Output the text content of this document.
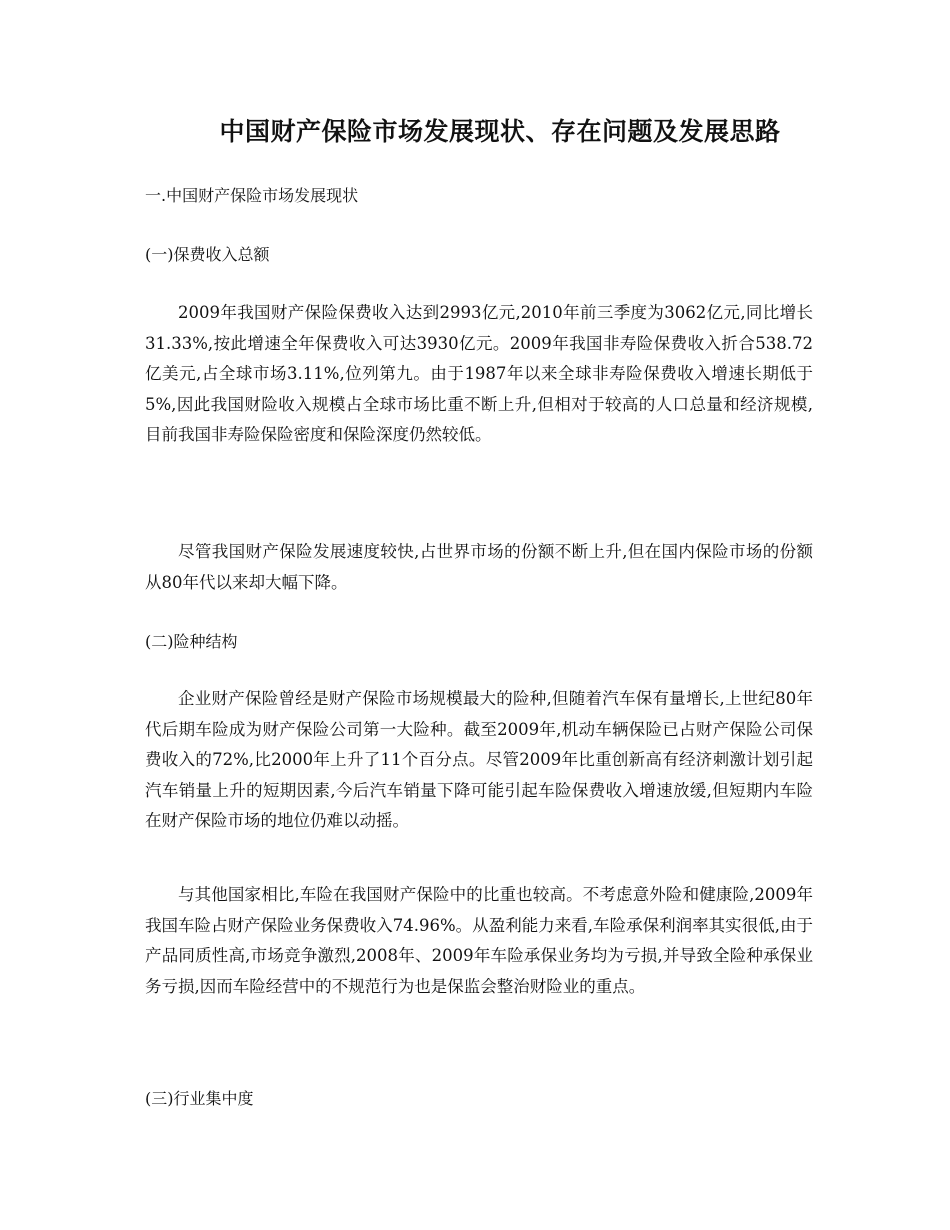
中国财产保险市场发展现状、存在问题及发展思路

一.中国财产保险市场发展现状

(一)保费收入总额

2009年我国财产保险保费收入达到2993亿元,2010年前三季度为3062亿元,同比增长31.33%,按此增速全年保费收入可达3930亿元。2009年我国非寿险保费收入折合538.72亿美元,占全球市场3.11%,位列第九。由于1987年以来全球非寿险保费收入增速长期低于5%,因此我国财险收入规模占全球市场比重不断上升,但相对于较高的人口总量和经济规模,目前我国非寿险保险密度和保险深度仍然较低。

尽管我国财产保险发展速度较快,占世界市场的份额不断上升,但在国内保险市场的份额从80年代以来却大幅下降。

(二)险种结构

企业财产保险曾经是财产保险市场规模最大的险种,但随着汽车保有量增长,上世纪80年代后期车险成为财产保险公司第一大险种。截至2009年,机动车辆保险已占财产保险公司保费收入的72%,比2000年上升了11个百分点。尽管2009年比重创新高有经济刺激计划引起汽车销量上升的短期因素,今后汽车销量下降可能引起车险保费收入增速放缓,但短期内车险在财产保险市场的地位仍难以动摇。

与其他国家相比,车险在我国财产保险中的比重也较高。不考虑意外险和健康险,2009年我国车险占财产保险业务保费收入74.96%。从盈利能力来看,车险承保利润率其实很低,由于产品同质性高,市场竞争激烈,2008年、2009年车险承保业务均为亏损,并导致全险种承保业务亏损,因而车险经营中的不规范行为也是保监会整治财险业的重点。

(三)行业集中度
